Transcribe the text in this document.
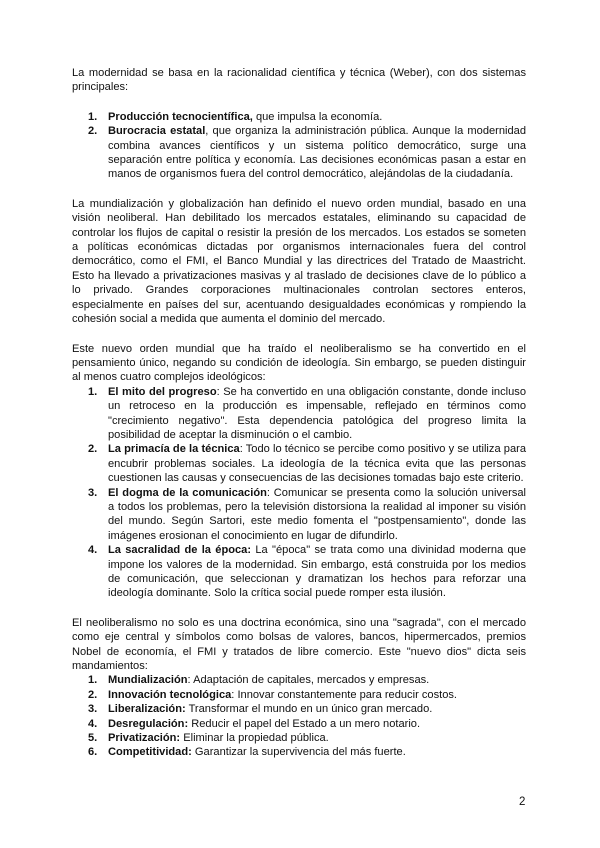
La modernidad se basa en la racionalidad científica y técnica (Weber), con dos sistemas principales:

1. Producción tecnocientífica, que impulsa la economía.
2. Burocracia estatal, que organiza la administración pública. Aunque la modernidad combina avances científicos y un sistema político democrático, surge una separación entre política y economía. Las decisiones económicas pasan a estar en manos de organismos fuera del control democrático, alejándolas de la ciudadanía.

La mundialización y globalización han definido el nuevo orden mundial, basado en una visión neoliberal. Han debilitado los mercados estatales, eliminando su capacidad de controlar los flujos de capital o resistir la presión de los mercados. Los estados se someten a políticas económicas dictadas por organismos internacionales fuera del control democrático, como el FMI, el Banco Mundial y las directrices del Tratado de Maastricht. Esto ha llevado a privatizaciones masivas y al traslado de decisiones clave de lo público a lo privado. Grandes corporaciones multinacionales controlan sectores enteros, especialmente en países del sur, acentuando desigualdades económicas y rompiendo la cohesión social a medida que aumenta el dominio del mercado.

Este nuevo orden mundial que ha traído el neoliberalismo se ha convertido en el pensamiento único, negando su condición de ideología. Sin embargo, se pueden distinguir al menos cuatro complejos ideológicos:

1. El mito del progreso: Se ha convertido en una obligación constante, donde incluso un retroceso en la producción es impensable, reflejado en términos como "crecimiento negativo". Esta dependencia patológica del progreso limita la posibilidad de aceptar la disminución o el cambio.
2. La primacía de la técnica: Todo lo técnico se percibe como positivo y se utiliza para encubrir problemas sociales. La ideología de la técnica evita que las personas cuestionen las causas y consecuencias de las decisiones tomadas bajo este criterio.
3. El dogma de la comunicación: Comunicar se presenta como la solución universal a todos los problemas, pero la televisión distorsiona la realidad al imponer su visión del mundo. Según Sartori, este medio fomenta el "postpensamiento", donde las imágenes erosionan el conocimiento en lugar de difundirlo.
4. La sacralidad de la época: La "época" se trata como una divinidad moderna que impone los valores de la modernidad. Sin embargo, está construida por los medios de comunicación, que seleccionan y dramatizan los hechos para reforzar una ideología dominante. Solo la crítica social puede romper esta ilusión.

El neoliberalismo no solo es una doctrina económica, sino una "sagrada", con el mercado como eje central y símbolos como bolsas de valores, bancos, hipermercados, premios Nobel de economía, el FMI y tratados de libre comercio. Este "nuevo dios" dicta seis mandamientos:

1. Mundialización: Adaptación de capitales, mercados y empresas.
2. Innovación tecnológica: Innovar constantemente para reducir costos.
3. Liberalización: Transformar el mundo en un único gran mercado.
4. Desregulación: Reducir el papel del Estado a un mero notario.
5. Privatización: Eliminar la propiedad pública.
6. Competitividad: Garantizar la supervivencia del más fuerte.
2
